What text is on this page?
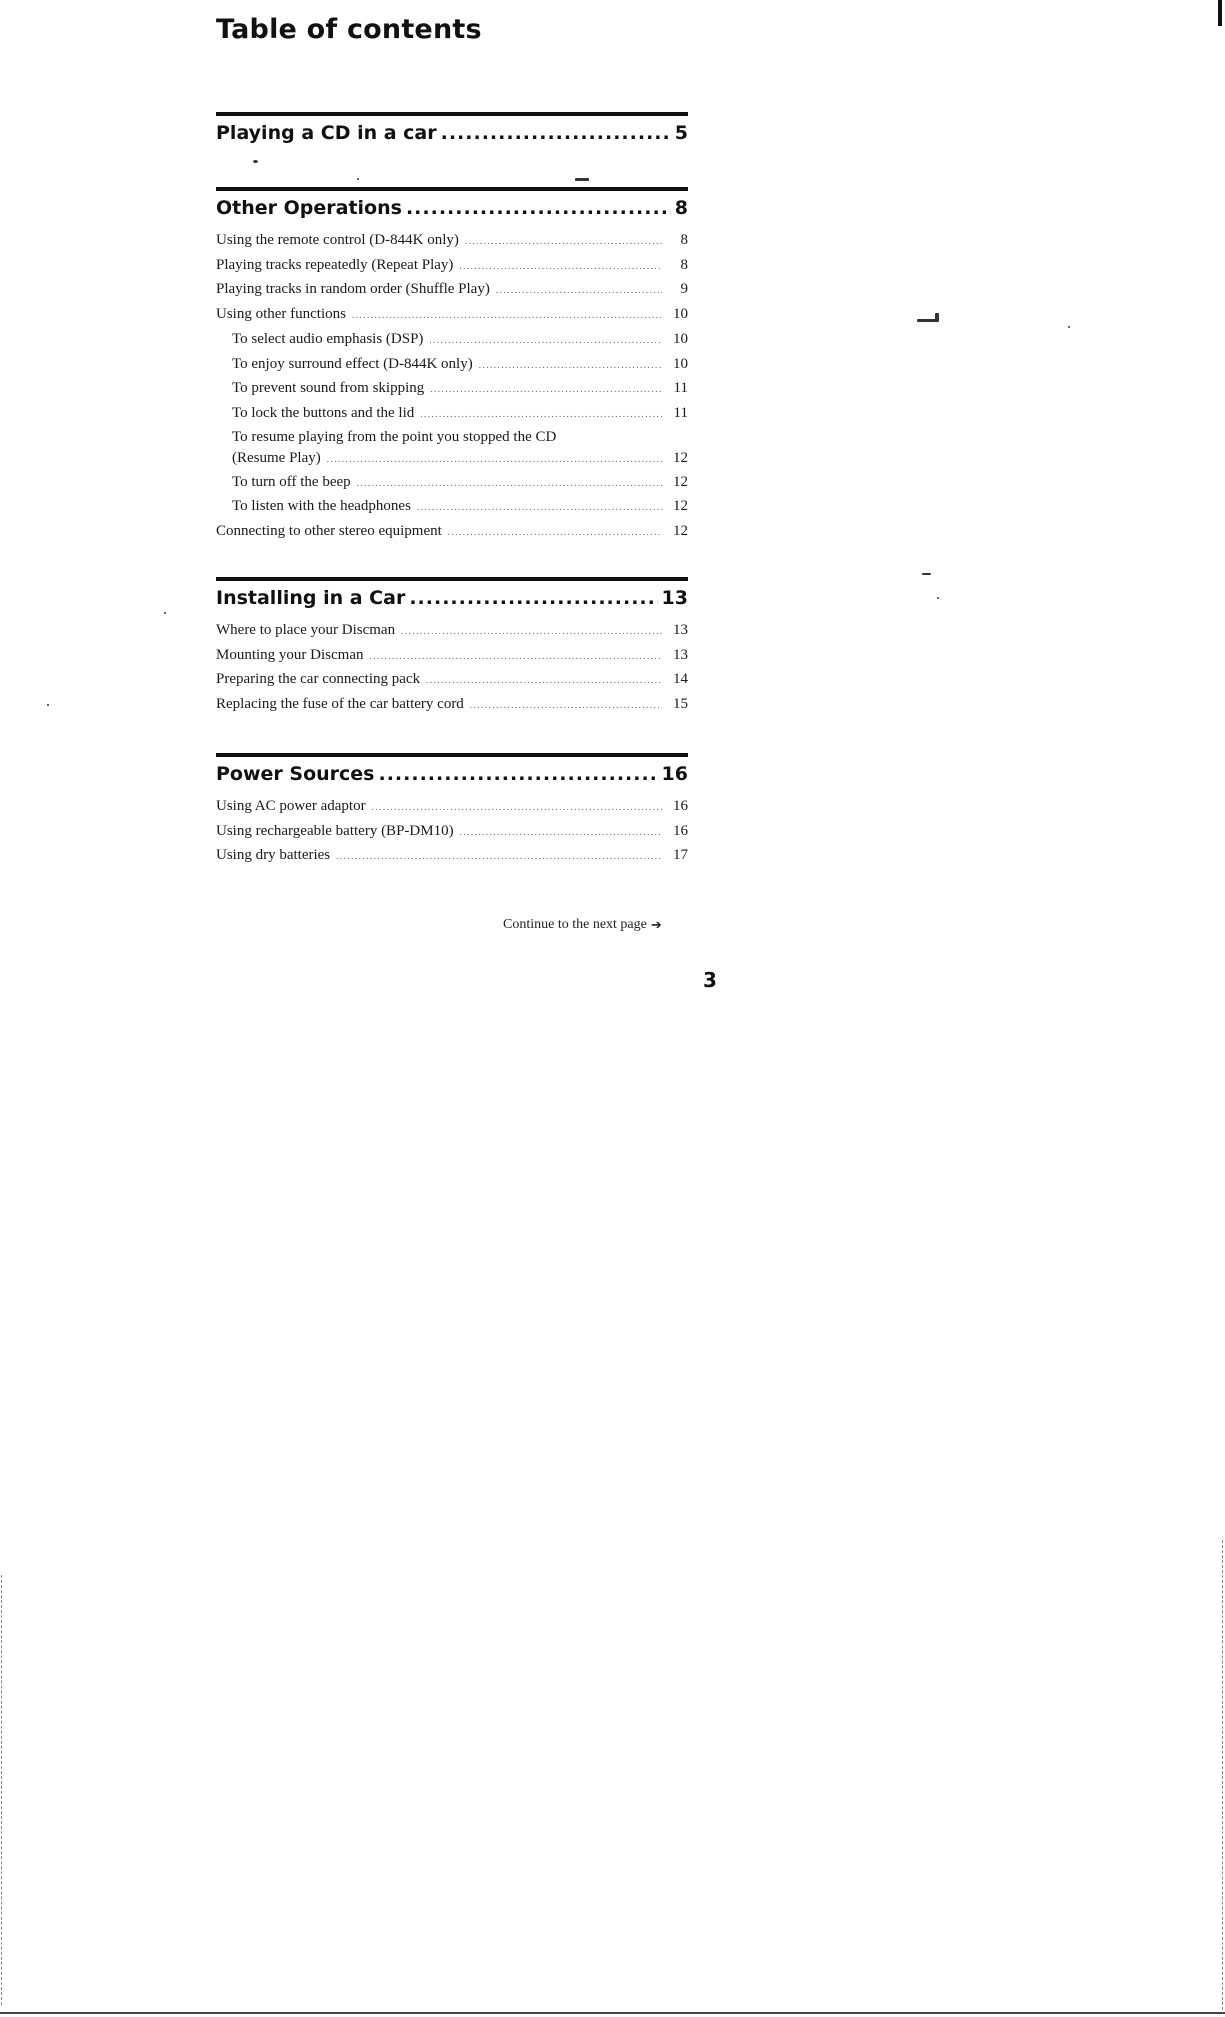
Table of contents
Playing a CD in a car .....	5
Other Operations .....	8
Using the remote control (D-844K only) .....	8
Playing tracks repeatedly (Repeat Play) .....	8
Playing tracks in random order (Shuffle Play) .....	9
Using other functions .....	10
To select audio emphasis (DSP) .....	10
To enjoy surround effect (D-844K only) .....	10
To prevent sound from skipping .....	11
To lock the buttons and the lid .....	11
To resume playing from the point you stopped the CD
(Resume Play) .....	12
To turn off the beep .....	12
To listen with the headphones .....	12
Connecting to other stereo equipment .....	12
Installing in a Car .....	13
Where to place your Discman .....	13
Mounting your Discman .....	13
Preparing the car connecting pack .....	14
Replacing the fuse of the car battery cord .....	15
Power Sources .....	16
Using AC power adaptor .....	16
Using rechargeable battery (BP-DM10) .....	16
Using dry batteries .....	17
Continue to the next page ➔
3
